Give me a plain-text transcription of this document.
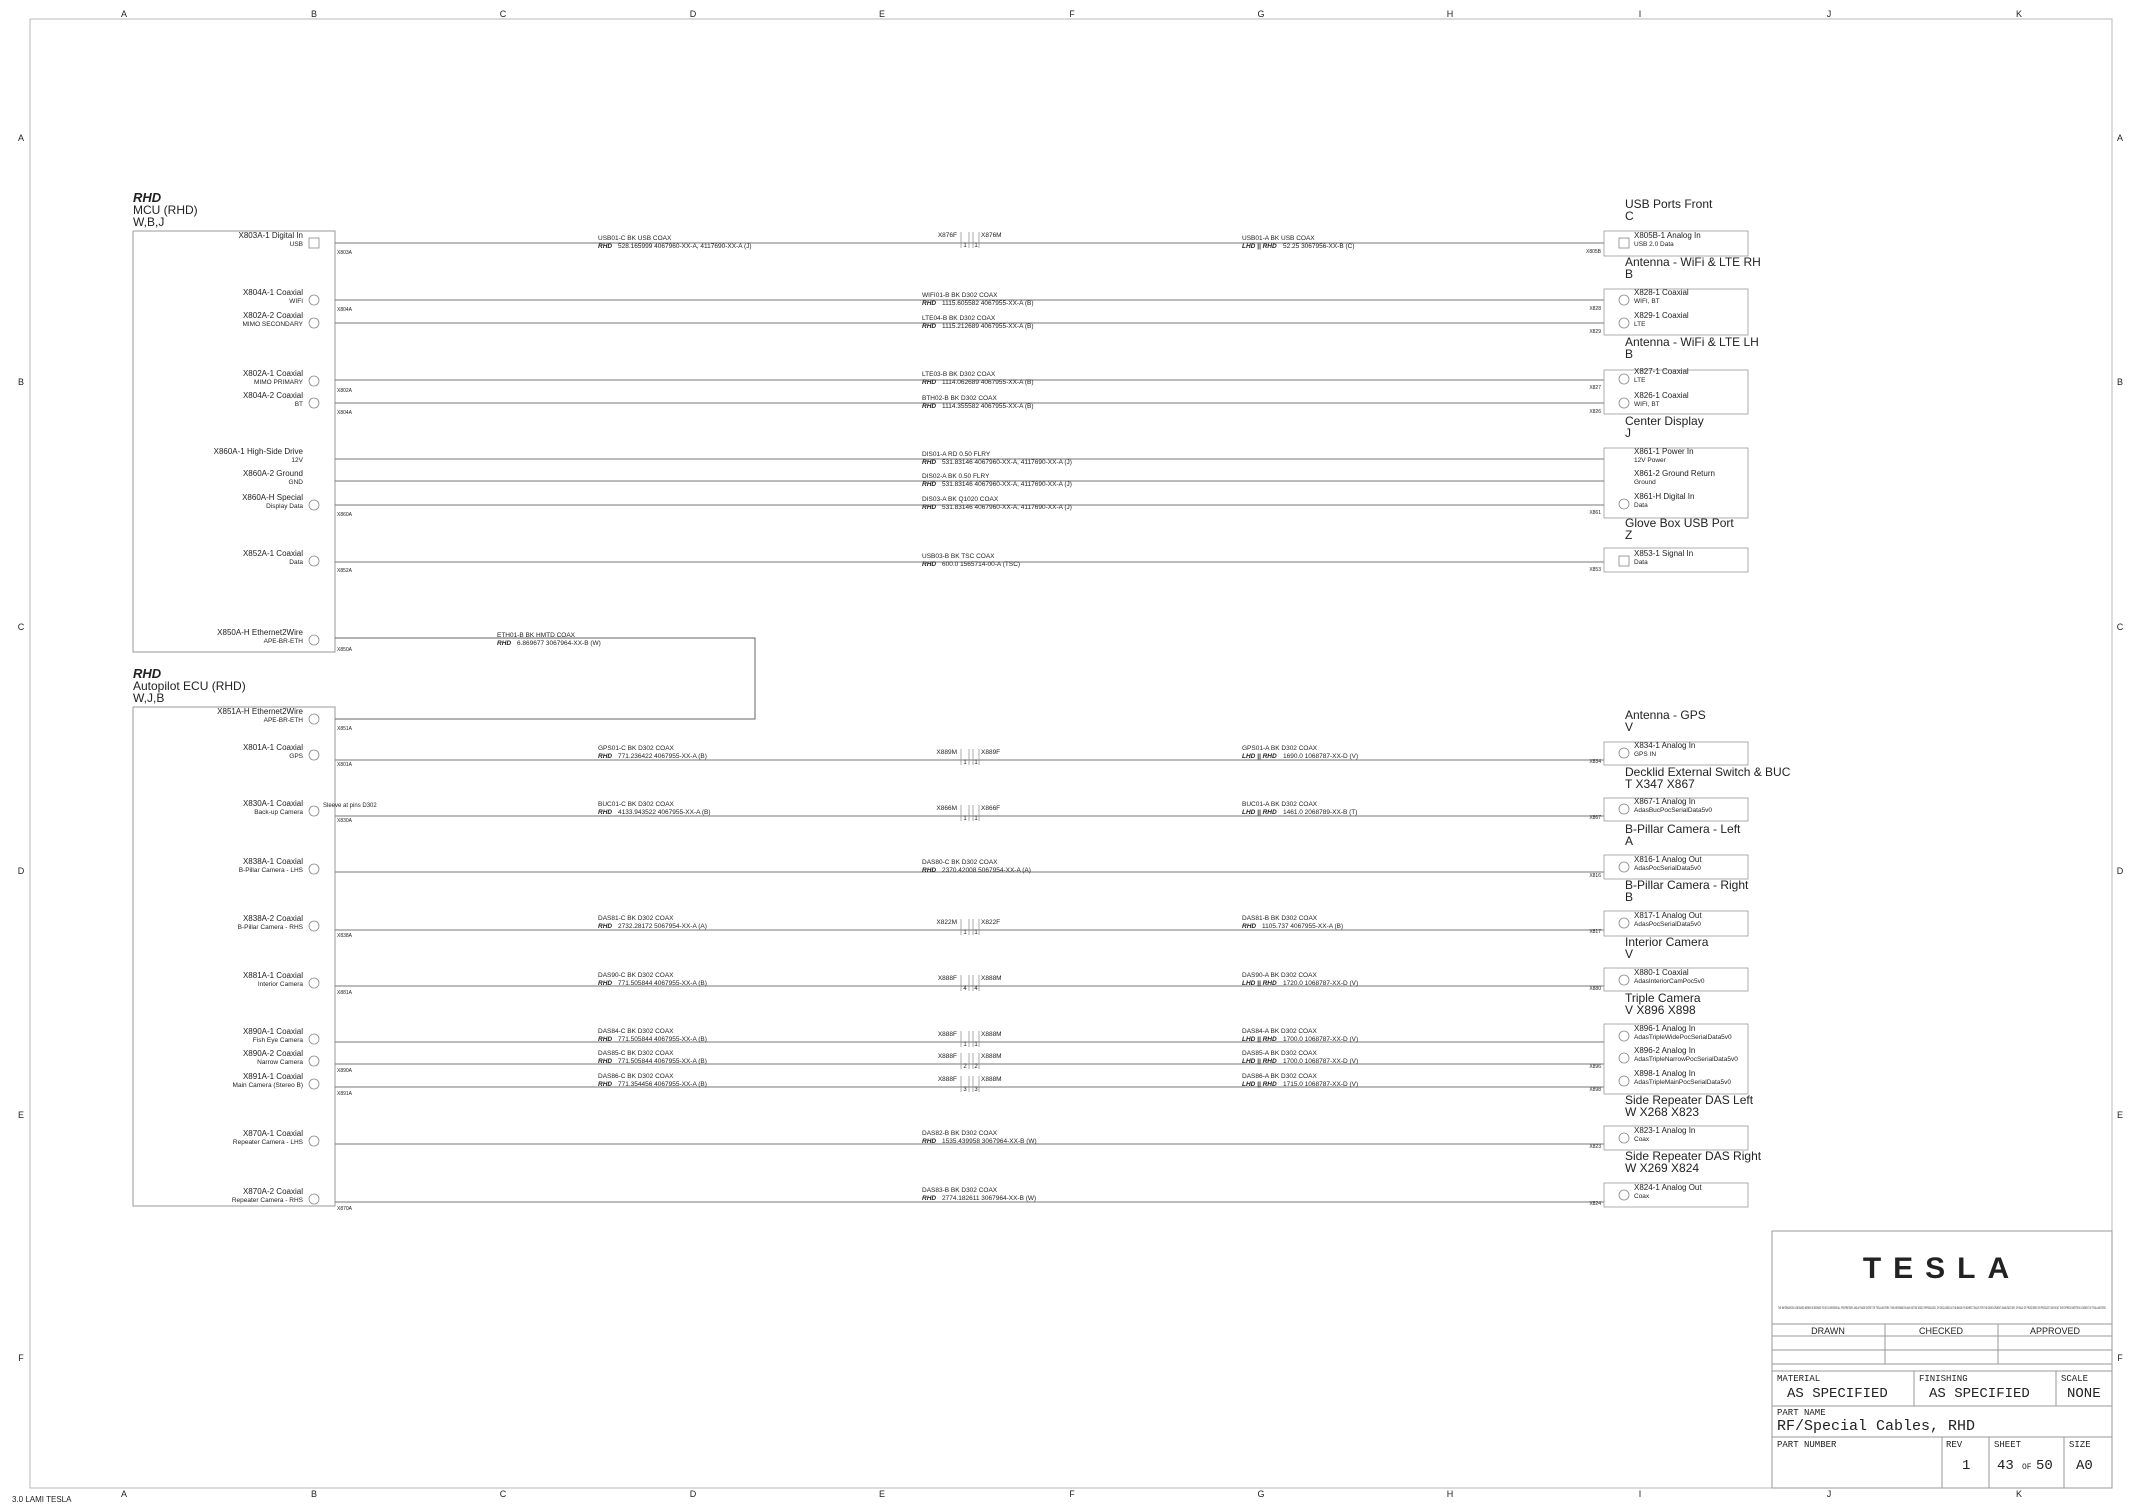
A
A
B
B
C
C
D
D
E
E
F
F
G
G
H
H
I
I
J
J
K
K
A	A
B	B
C	C
D	D
E	E
F	F
RHD
MCU (RHD)
W,B,J
RHD
Autopilot ECU (RHD)
W,J,B
Sleeve at pins D302
X803A-1 Digital In
USB
X803A
X804A-1 Coaxial
WIFI
X804A
X802A-2 Coaxial
MIMO SECONDARY
X802A-1 Coaxial
MIMO PRIMARY
X802A
X804A-2 Coaxial
BT
X804A
X860A-1 High-Side Drive
12V
X860A-2 Ground
GND
X860A-H Special
Display Data
X860A
X852A-1 Coaxial
Data
X852A
X850A-H Ethernet2Wire
APE-BR-ETH
X850A
X851A-H Ethernet2Wire
APE-BR-ETH
X851A
X801A-1 Coaxial
GPS
X801A
X830A-1 Coaxial
Back-up Camera
X830A
X838A-1 Coaxial
B-Pillar Camera - LHS
X838A-2 Coaxial
B-Pillar Camera - RHS
X838A
X881A-1 Coaxial
Interior Camera
X881A
X890A-1 Coaxial
Fish Eye Camera
X890A-2 Coaxial
Narrow Camera
X890A
X891A-1 Coaxial
Main Camera (Stereo B)
X891A
X870A-1 Coaxial
Repeater Camera - LHS
X870A-2 Coaxial
Repeater Camera - RHS
X870A
USB01-C BK USB COAX
RHD 528.165999 4067960-XX-A, 4117690-XX-A (J)
WIFI01-B BK D302 COAX
RHD 1115.605582 4067955-XX-A (B)
LTE04-B BK D302 COAX
RHD 1115.212689 4067955-XX-A (B)
LTE03-B BK D302 COAX
RHD 1114.062689 4067955-XX-A (B)
BTH02-B BK D302 COAX
RHD 1114.355582 4067955-XX-A (B)
DIS01-A RD 0.50 FLRY
RHD 531.83146 4067960-XX-A, 4117690-XX-A (J)
DIS02-A BK 0.50 FLRY
RHD 531.83146 4067960-XX-A, 4117690-XX-A (J)
DIS03-A BK Q1020 COAX
RHD 531.83146 4067960-XX-A, 4117690-XX-A (J)
USB03-B BK TSC COAX
RHD 600.0 1565714-00-A (TSC)
ETH01-B BK HMTD COAX
RHD 6.869677 3067964-XX-B (W)
GPS01-C BK D302 COAX
RHD 771.236422 4067955-XX-A (B)
BUC01-C BK D302 COAX
RHD 4133.943522 4067955-XX-A (B)
DAS80-C BK D302 COAX
RHD 2370.42008 5067954-XX-A (A)
DAS81-C BK D302 COAX
RHD 2732.28172 5067954-XX-A (A)
DAS90-C BK D302 COAX
RHD 771.505844 4067955-XX-A (B)
DAS84-C BK D302 COAX
RHD 771.505844 4067955-XX-A (B)
DAS85-C BK D302 COAX
RHD 771.505844 4067955-XX-A (B)
DAS86-C BK D302 COAX
RHD 771.354456 4067955-XX-A (B)
DAS82-B BK D302 COAX
RHD 1535.439958 3067964-XX-B (W)
DAS83-B BK D302 COAX
RHD 2774.182611 3067964-XX-B (W)
USB01-A BK USB COAX
LHD || RHD 52.25 3067956-XX-B (C)
GPS01-A BK D302 COAX
LHD || RHD 1690.0 1068787-XX-D (V)
BUC01-A BK D302 COAX
LHD || RHD 1461.0 2068789-XX-B (T)
DAS81-B BK D302 COAX
RHD 1105.737 4067955-XX-A (B)
DAS90-A BK D302 COAX
LHD || RHD 1720.0 1068787-XX-D (V)
DAS84-A BK D302 COAX
LHD || RHD 1700.0 1068787-XX-D (V)
DAS85-A BK D302 COAX
LHD || RHD 1700.0 1068787-XX-D (V)
DAS86-A BK D302 COAX
LHD || RHD 1715.0 1068787-XX-D (V)
X876F	X876M
1 1
X889M	X889F
1 1
X866M	X866F
1 1
X822M	X822F
1 1
X888F	X888M
4 4
X888F	X888M
1 1
X888F	X888M
2 2
X888F	X888M
3 3
USB Ports Front
C
Antenna - WiFi & LTE RH
B
Antenna - WiFi & LTE LH
B
Center Display
J
Glove Box USB Port
Z
Antenna - GPS
V
Decklid External Switch & BUC
T X347 X867
B-Pillar Camera - Left
A
B-Pillar Camera - Right
B
Interior Camera
V
Triple Camera
V X896 X898
Side Repeater DAS Left
W X268 X823
Side Repeater DAS Right
W X269 X824
X805B-1 Analog In
USB 2.0 Data
X805B
X828-1 Coaxial
WIFI, BT
X828
X829-1 Coaxial
LTE
X829
X827-1 Coaxial
LTE
X827
X826-1 Coaxial
WIFI, BT
X826
X861-1 Power In
12V Power
X861-2 Ground Return
Ground
X861-H Digital In
Data
X861
X853-1 Signal In
Data
X853
X834-1 Analog In
GPS IN
X834
X867-1 Analog In
AdasBucPocSerialData5v0
X867
X816-1 Analog Out
AdasPocSerialData5v0
X816
X817-1 Analog Out
AdasPocSerialData5v0
X817
X880-1 Coaxial
AdasInteriorCamPoc5v0
X880
X896-1 Analog In
AdasTripleWidePocSerialData5v0
X896-2 Analog In
AdasTripleNarrowPocSerialData5v0
X896
X898-1 Analog In
AdasTripleMainPocSerialData5v0
X898
X823-1 Analog In
Coax
X823
X824-1 Analog Out
Coax
X824
TESLA
THE INFORMATION CONTAINED HEREIN IS DEEMED TO BE CONFIDENTIAL, PROPRIETARY, AND A TRADE SECRET OF TESLA MOTORS. THIS INFORMATION MAY NOT BE USED, REPRODUCED, OR DISCLOSED AS THE BASIS OF INDIRECT SALES FOR THE DEVELOPMENT, MANUFACTURE, OR SALE OF PROCESSES OR PRODUCTS WITHOUT THE EXPRESS WRITTEN CONSENT OF TESLA MOTORS.
DRAWN	CHECKED	APPROVED
MATERIAL
AS SPECIFIED
FINISHING
AS SPECIFIED
SCALE
NONE
PART NAME
RF/Special Cables, RHD
PART NUMBER	REV
1
SHEET
43 OF 50
SIZE
A0
3.0 LAMI TESLA
